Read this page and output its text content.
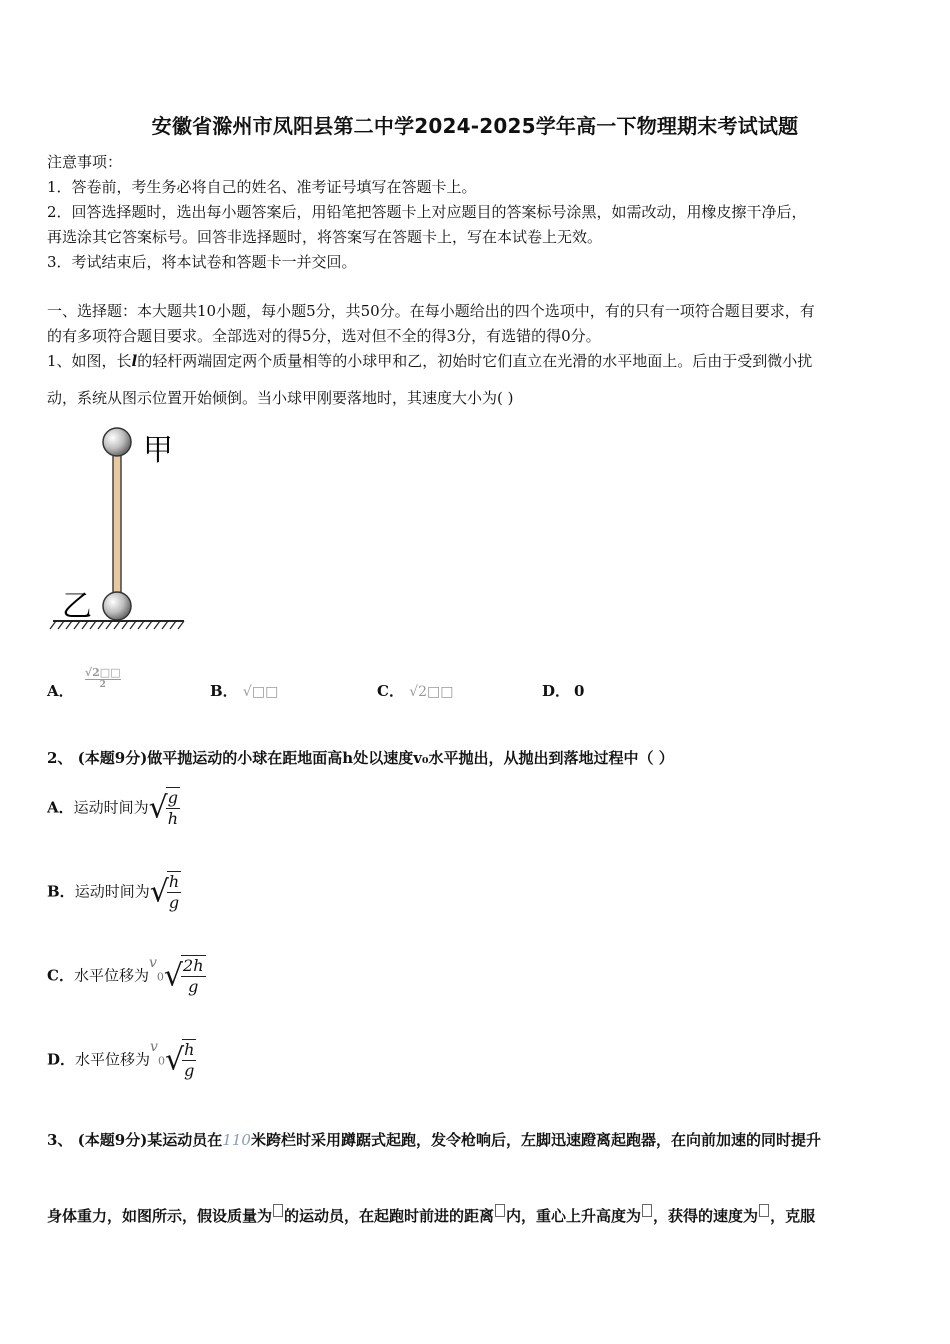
安徽省滁州市凤阳县第二中学2024-2025学年高一下物理期末考试试题
注意事项：
1．答卷前，考生务必将自己的姓名、准考证号填写在答题卡上。
2．回答选择题时，选出每小题答案后，用铅笔把答题卡上对应题目的答案标号涂黑，如需改动，用橡皮擦干净后，
再选涂其它答案标号。回答非选择题时，将答案写在答题卡上，写在本试卷上无效。
3．考试结束后，将本试卷和答题卡一并交回。
一、选择题：本大题共10小题，每小题5分，共50分。在每小题给出的四个选项中，有的只有一项符合题目要求，有
的有多项符合题目要求。全部选对的得5分，选对但不全的得3分，有选错的得0分。
1、如图，长l的轻杆两端固定两个质量相等的小球甲和乙，初始时它们直立在光滑的水平地面上。后由于受到微小扰
动，系统从图示位置开始倾倒。当小球甲刚要落地时，其速度大小为( )
甲
乙
A．
√2□□
2	B． √□□	C． √2□□	D． 0
2、 (本题9分)做平抛运动的小球在距地面高h处以速度v₀水平抛出，从抛出到落地过程中（ ）
A．运动时间为√
$\frac{g}{h}$
B．运动时间为√
$\frac{h}{g}$
C．水平位移为v0√
$\frac{2h}{g}$
D．水平位移为v0√
$\frac{h}{g}$
3、 (本题9分)某运动员在110米跨栏时采用蹲踞式起跑，发令枪响后，左脚迅速蹬离起跑器，在向前加速的同时提升
身体重力，如图所示，假设质量为 的运动员，在起跑时前进的距离 内，重心上升高度为 ，获得的速度为 ，克服
